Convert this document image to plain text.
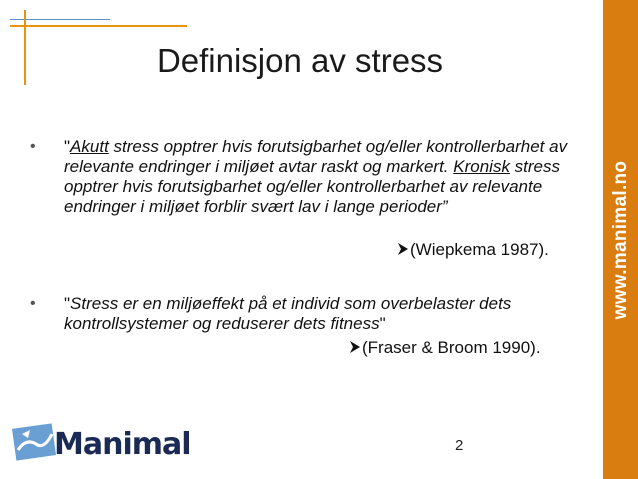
www.manimal.no
Definisjon av stress
• "Akutt stress opptrer hvis forutsigbarhet og/eller kontrollerbarhet av relevante endringer i miljøet avtar raskt og markert. Kronisk stress opptrer hvis forutsigbarhet og/eller kontrollerbarhet av relevante endringer i miljøet forblir svært lav i lange perioder”
(Wiepkema 1987).
• "Stress er en miljøeffekt på et individ som overbelaster dets kontrollsystemer og reduserer dets fitness"
(Fraser & Broom 1990).
Manimal	2
